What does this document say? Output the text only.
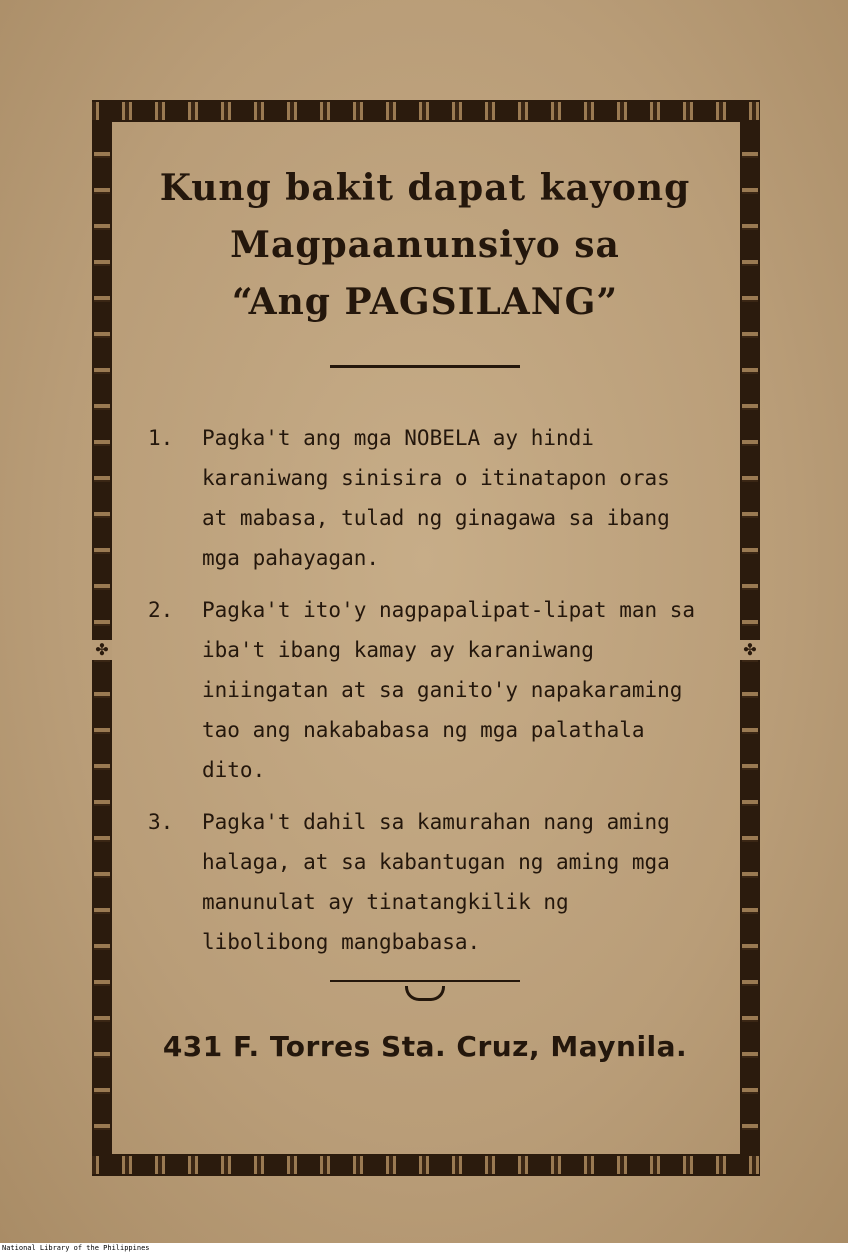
✤	✤
Kung bakit dapat kayong
Magpaanunsiyo sa
“Ang PAGSILANG”
1. Pagka't ang mga NOBELA ay hindi karaniwang sinisira o itinatapon oras at mabasa, tulad ng ginagawa sa ibang mga pahayagan.
2. Pagka't ito'y nagpapalipat-lipat man sa iba't ibang kamay ay karaniwang iniingatan at sa ganito'y napakaraming tao ang nakababasa ng mga palathala dito.
3. Pagka't dahil sa kamurahan nang aming halaga, at sa kabantugan ng aming mga manunulat ay tinatangkilik ng libolibong mangbabasa.
431 F. Torres Sta. Cruz, Maynila.
National Library of the Philippines
